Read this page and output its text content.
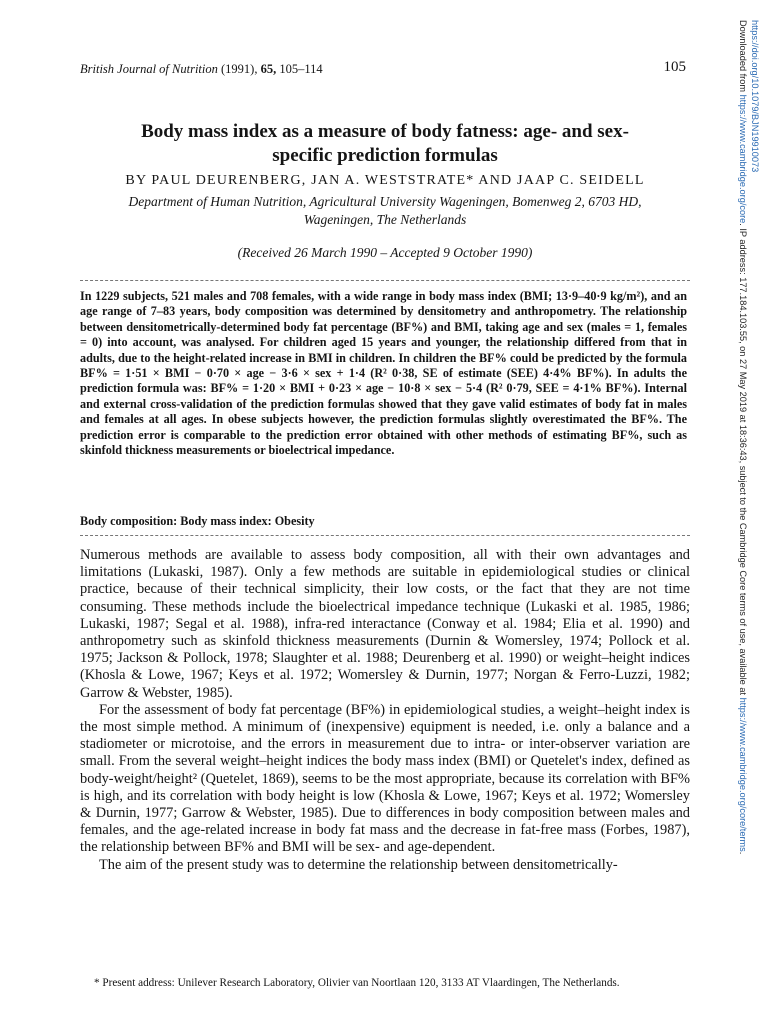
British Journal of Nutrition (1991), 65, 105–114	105
Body mass index as a measure of body fatness: age- and sex-
specific prediction formulas
BY PAUL DEURENBERG, JAN A. WESTSTRATE* AND JAAP C. SEIDELL
Department of Human Nutrition, Agricultural University Wageningen, Bomenweg 2, 6703 HD,
Wageningen, The Netherlands
(Received 26 March 1990 – Accepted 9 October 1990)

In 1229 subjects, 521 males and 708 females, with a wide range in body mass index (BMI; 13·9–40·9 kg/m²), and an age range of 7–83 years, body composition was determined by densitometry and anthropometry. The relationship between densitometrically-determined body fat percentage (BF%) and BMI, taking age and sex (males = 1, females = 0) into account, was analysed. For children aged 15 years and younger, the relationship differed from that in adults, due to the height-related increase in BMI in children. In children the BF% could be predicted by the formula BF% = 1·51 × BMI − 0·70 × age − 3·6 × sex + 1·4 (R² 0·38, SE of estimate (SEE) 4·4% BF%). In adults the prediction formula was: BF% = 1·20 × BMI + 0·23 × age − 10·8 × sex − 5·4 (R² 0·79, SEE = 4·1% BF%). Internal and external cross-validation of the prediction formulas showed that they gave valid estimates of body fat in males and females at all ages. In obese subjects however, the prediction formulas slightly overestimated the BF%. The prediction error is comparable to the prediction error obtained with other methods of estimating BF%, such as skinfold thickness measurements or bioelectrical impedance.

Body composition: Body mass index: Obesity

Numerous methods are available to assess body composition, all with their own advantages and limitations (Lukaski, 1987). Only a few methods are suitable in epidemiological studies or clinical practice, because of their technical simplicity, their low costs, or the fact that they are not time consuming. These methods include the bioelectrical impedance technique (Lukaski et al. 1985, 1986; Lukaski, 1987; Segal et al. 1988), infra-red interactance (Conway et al. 1984; Elia et al. 1990) and anthropometry such as skinfold thickness measurements (Durnin & Womersley, 1974; Pollock et al. 1975; Jackson & Pollock, 1978; Slaughter et al. 1988; Deurenberg et al. 1990) or weight–height indices (Khosla & Lowe, 1967; Keys et al. 1972; Womersley & Durnin, 1977; Norgan & Ferro-Luzzi, 1982; Garrow & Webster, 1985).

For the assessment of body fat percentage (BF%) in epidemiological studies, a weight–height index is the most simple method. A minimum of (inexpensive) equipment is needed, i.e. only a balance and a stadiometer or microtoise, and the errors in measurement due to intra- or inter-observer variation are small. From the several weight–height indices the body mass index (BMI) or Quetelet's index, defined as body-weight/height² (Quetelet, 1869), seems to be the most appropriate, because its correlation with BF% is high, and its correlation with body height is low (Khosla & Lowe, 1967; Keys et al. 1972; Womersley & Durnin, 1977; Garrow & Webster, 1985). Due to differences in body composition between males and females, and the age-related increase in body fat mass and the decrease in fat-free mass (Forbes, 1987), the relationship between BF% and BMI will be sex- and age-dependent.

The aim of the present study was to determine the relationship between densitometrically-

* Present address: Unilever Research Laboratory, Olivier van Noortlaan 120, 3133 AT Vlaardingen, The Netherlands.
Downloaded from https://www.cambridge.org/core. IP address: 177.184.103.55, on 27 May 2019 at 18:36:43, subject to the Cambridge Core terms of use, available at https://www.cambridge.org/core/terms.
https://doi.org/10.1079/BJN19910073
